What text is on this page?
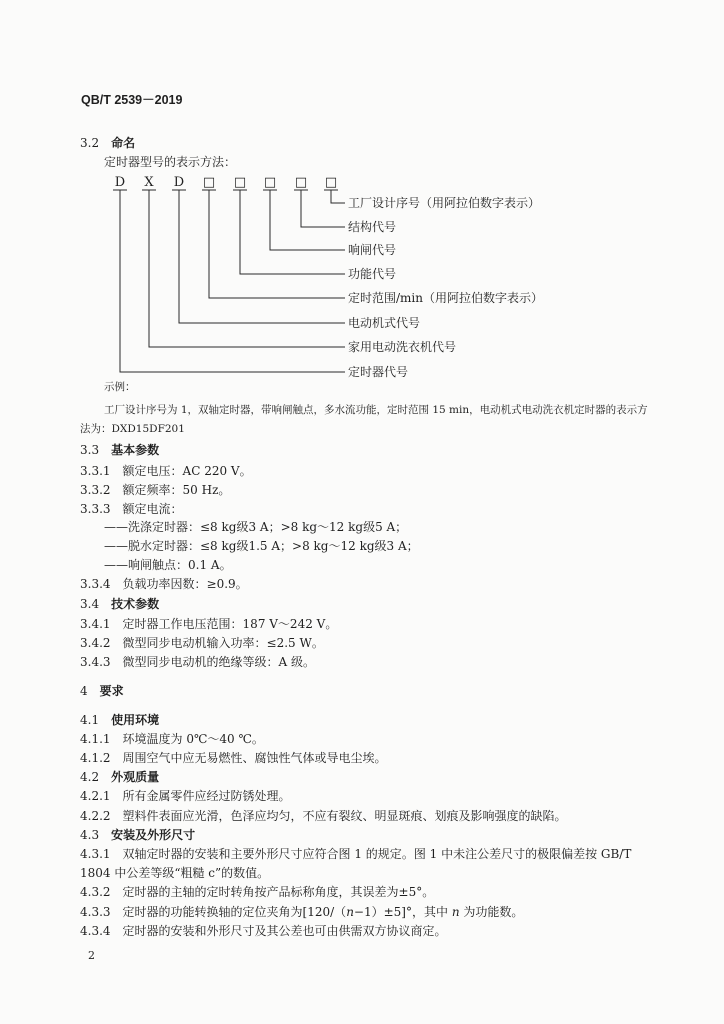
QB/T 2539－2019
3.2 命名
定时器型号的表示方法：
D X D □ □ □ □ □
工厂设计序号（用阿拉伯数字表示）
结构代号
响闸代号
功能代号
定时范围/min（用阿拉伯数字表示）
电动机式代号
家用电动洗衣机代号
定时器代号
示例：
工厂设计序号为 1，双轴定时器，带响闸触点，多水流功能，定时范围 15 min，电动机式电动洗衣机定时器的表示方法为：DXD15DF201
3.3 基本参数
3.3.1 额定电压：AC 220 V。
3.3.2 额定频率：50 Hz。
3.3.3 额定电流：
——洗涤定时器：≤8 kg级3 A；>8 kg～12 kg级5 A；
——脱水定时器：≤8 kg级1.5 A；>8 kg～12 kg级3 A；
——响闸触点：0.1 A。
3.3.4 负载功率因数：≥0.9。
3.4 技术参数
3.4.1 定时器工作电压范围：187 V～242 V。
3.4.2 微型同步电动机输入功率：≤2.5 W。
3.4.3 微型同步电动机的绝缘等级：A 级。
4 要求
4.1 使用环境
4.1.1 环境温度为 0℃～40 ℃。
4.1.2 周围空气中应无易燃性、腐蚀性气体或导电尘埃。
4.2 外观质量
4.2.1 所有金属零件应经过防锈处理。
4.2.2 塑料件表面应光滑，色泽应均匀，不应有裂纹、明显斑痕、划痕及影响强度的缺陷。
4.3 安装及外形尺寸
4.3.1 双轴定时器的安装和主要外形尺寸应符合图 1 的规定。图 1 中未注公差尺寸的极限偏差按 GB/T 1804 中公差等级“粗糙 c”的数值。
4.3.2 定时器的主轴的定时转角按产品标称角度，其误差为±5°。
4.3.3 定时器的功能转换轴的定位夹角为[120/（n−1）±5]°，其中 n 为功能数。
4.3.4 定时器的安装和外形尺寸及其公差也可由供需双方协议商定。
2
